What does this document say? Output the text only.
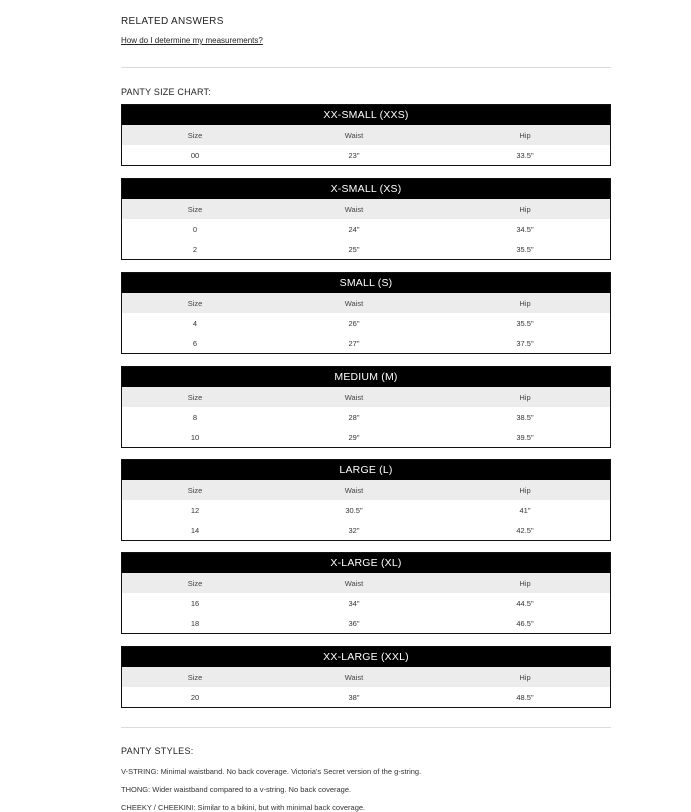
RELATED ANSWERS
How do I determine my measurements?
PANTY SIZE CHART:
XX-SMALL (XXS)
Size	Waist	Hip
00	23"	33.5"
X-SMALL (XS)
Size	Waist	Hip
0	24"	34.5"
2	25"	35.5"
SMALL (S)
Size	Waist	Hip
4	26"	35.5"
6	27"	37.5"
MEDIUM (M)
Size	Waist	Hip
8	28"	38.5"
10	29"	39.5"
LARGE (L)
Size	Waist	Hip
12	30.5"	41"
14	32"	42.5"
X-LARGE (XL)
Size	Waist	Hip
16	34"	44.5"
18	36"	46.5"
XX-LARGE (XXL)
Size	Waist	Hip
20	38"	48.5"
PANTY STYLES:
V-STRING: Minimal waistband. No back coverage. Victoria's Secret version of the g-string.
THONG: Wider waistband compared to a v-string. No back coverage.
CHEEKY / CHEEKINI: Similar to a bikini, but with minimal back coverage.
